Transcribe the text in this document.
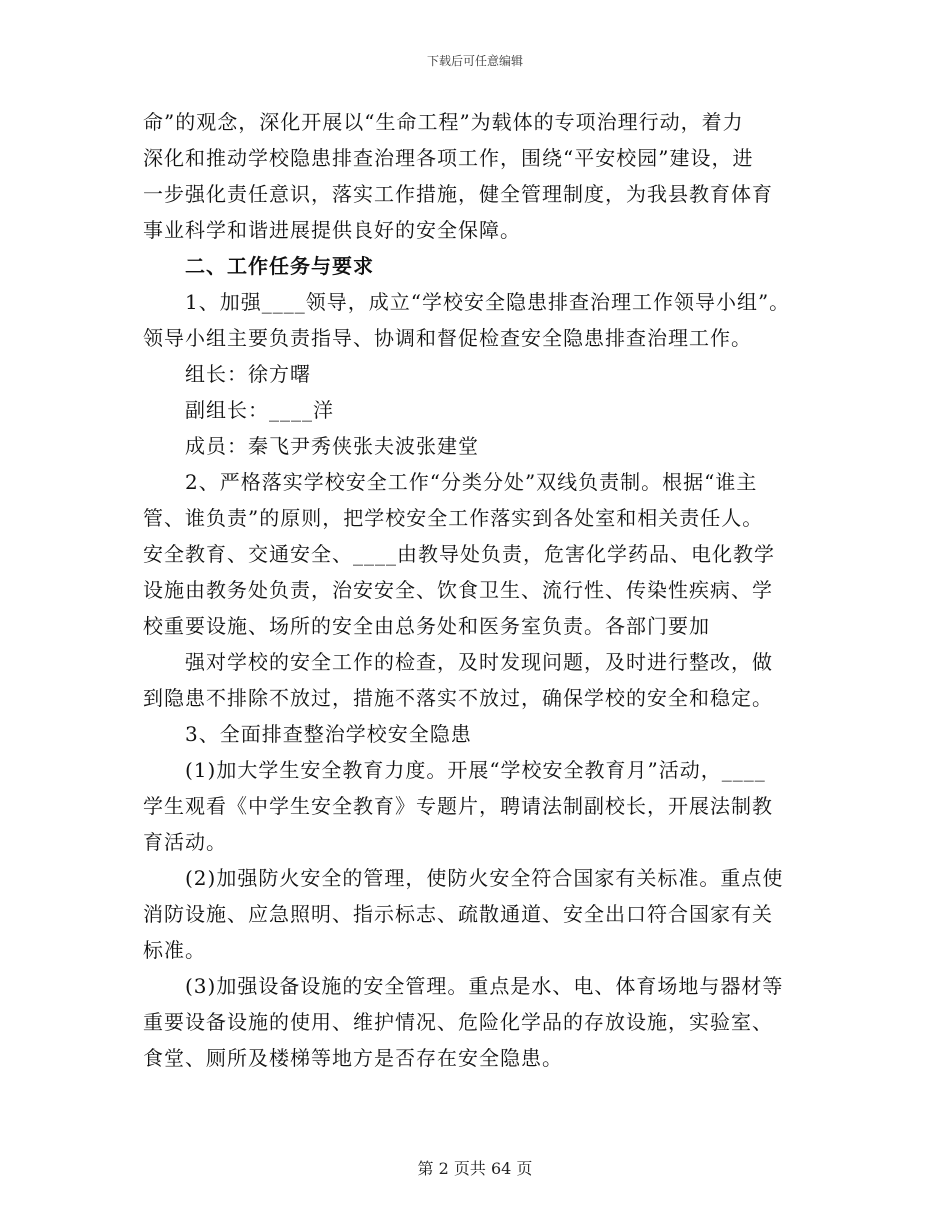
下载后可任意编辑
命”的观念，深化开展以“生命工程”为载体的专项治理行动，着力
深化和推动学校隐患排查治理各项工作，围绕“平安校园”建设，进
一步强化责任意识，落实工作措施，健全管理制度，为我县教育体育
事业科学和谐进展提供良好的安全保障。
二、工作任务与要求
1、加强____领导，成立“学校安全隐患排查治理工作领导小组”。
领导小组主要负责指导、协调和督促检查安全隐患排查治理工作。
组长：徐方曙
副组长：____洋
成员：秦飞尹秀侠张夫波张建堂
2、严格落实学校安全工作“分类分处”双线负责制。根据“谁主
管、谁负责”的原则，把学校安全工作落实到各处室和相关责任人。
安全教育、交通安全、____由教导处负责，危害化学药品、电化教学
设施由教务处负责，治安安全、饮食卫生、流行性、传染性疾病、学
校重要设施、场所的安全由总务处和医务室负责。各部门要加
强对学校的安全工作的检查，及时发现问题，及时进行整改，做
到隐患不排除不放过，措施不落实不放过，确保学校的安全和稳定。
3、全面排查整治学校安全隐患
(1)加大学生安全教育力度。开展“学校安全教育月”活动，____
学生观看《中学生安全教育》专题片，聘请法制副校长，开展法制教
育活动。
(2)加强防火安全的管理，使防火安全符合国家有关标准。重点使
消防设施、应急照明、指示标志、疏散通道、安全出口符合国家有关
标准。
(3)加强设备设施的安全管理。重点是水、电、体育场地与器材等
重要设备设施的使用、维护情况、危险化学品的存放设施，实验室、
食堂、厕所及楼梯等地方是否存在安全隐患。
第 2 页共 64 页
